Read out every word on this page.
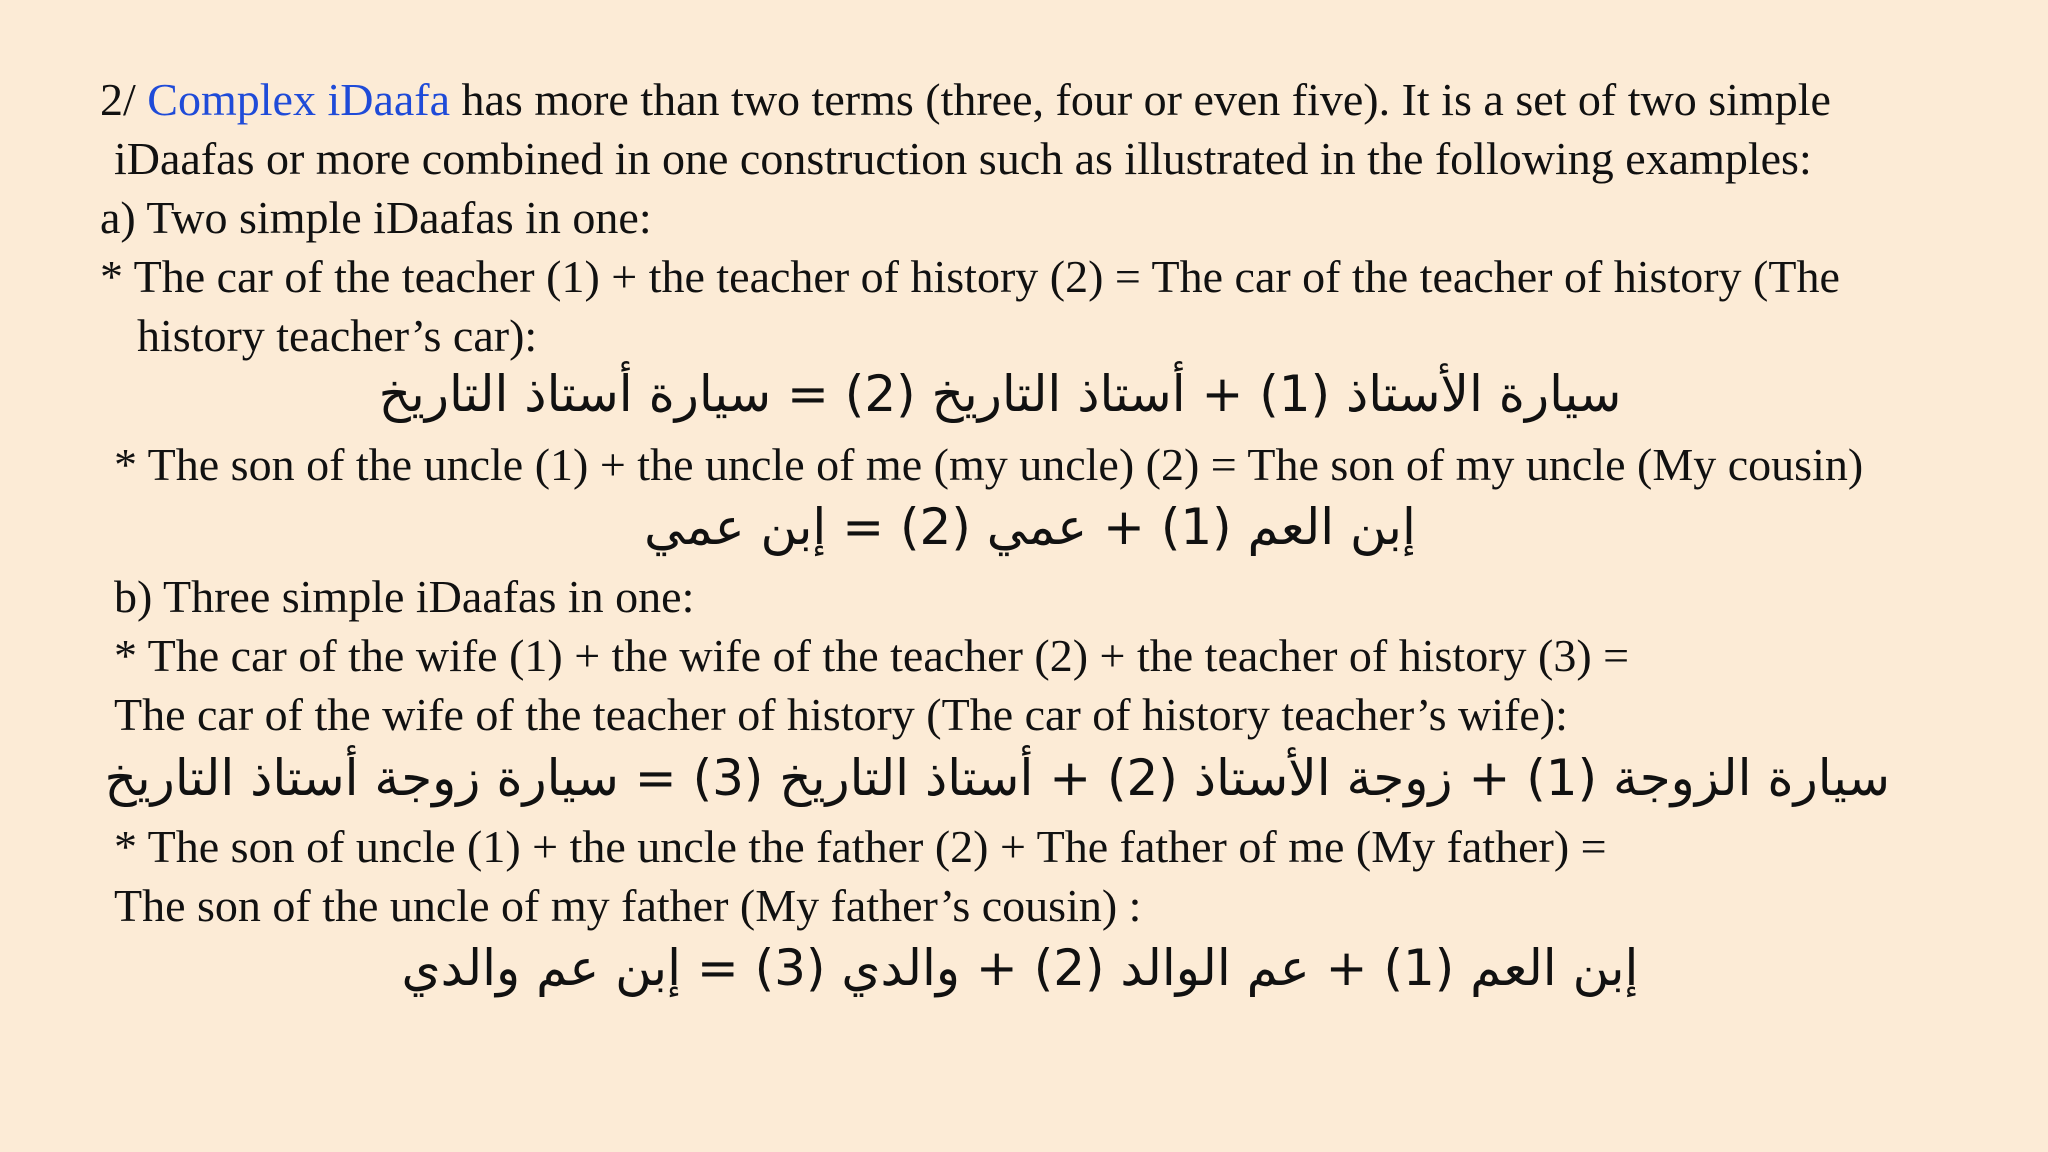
2/ Complex iDaafa has more than two terms (three, four or even five). It is a set of two simple
iDaafas or more combined in one construction such as illustrated in the following examples:
a) Two simple iDaafas in one:
* The car of the teacher (1) + the teacher of history (2) = The car of the teacher of history (The
history teacher’s car):
سيارة الأستاذ (1) + أستاذ التاريخ (2) = سيارة أستاذ التاريخ
* The son of the uncle (1) + the uncle of me (my uncle) (2) = The son of my uncle (My cousin)
إبن العم (1) + عمي (2) = إبن عمي
b) Three simple iDaafas in one:
* The car of the wife (1) + the wife of the teacher (2) + the teacher of history (3) =
The car of the wife of the teacher of history (The car of history teacher’s wife):
سيارة الزوجة (1) + زوجة الأستاذ (2) + أستاذ التاريخ (3) = سيارة زوجة أستاذ التاريخ
* The son of uncle (1) + the uncle the father (2) + The father of me (My father) =
The son of the uncle of my father (My father’s cousin) :
إبن العم (1) + عم الوالد (2) + والدي (3) = إبن عم والدي
